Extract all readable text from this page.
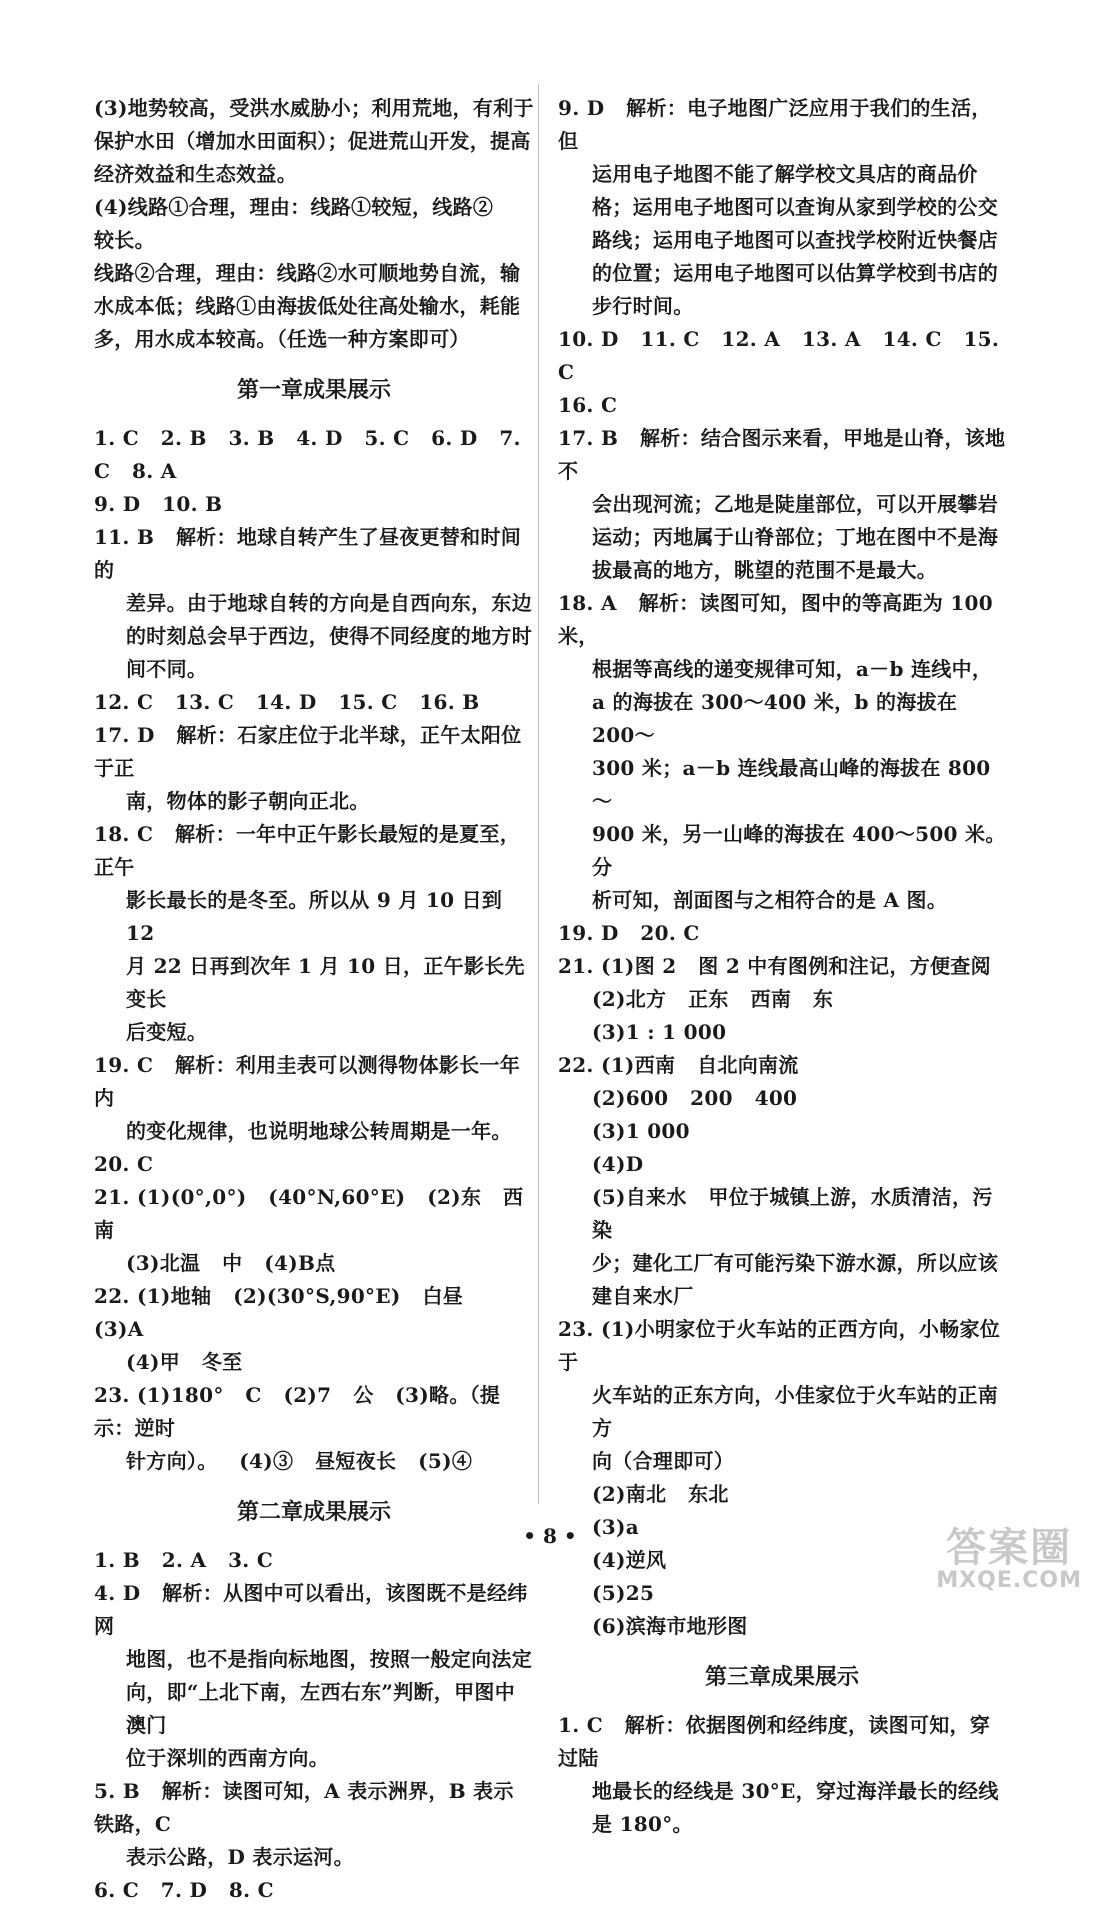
(3)地势较高，受洪水威胁小；利用荒地，有利于

保护水田（增加水田面积）；促进荒山开发，提高

经济效益和生态效益。

(4)线路①合理，理由：线路①较短，线路②

较长。

线路②合理，理由：线路②水可顺地势自流，输

水成本低；线路①由海拔低处往高处输水，耗能

多，用水成本较高。（任选一种方案即可）

第一章成果展示

1. C   2. B   3. B   4. D   5. C   6. D   7. C   8. A

9. D   10. B

11. B   解析：地球自转产生了昼夜更替和时间的

差异。由于地球自转的方向是自西向东，东边

的时刻总会早于西边，使得不同经度的地方时

间不同。

12. C   13. C   14. D   15. C   16. B

17. D   解析：石家庄位于北半球，正午太阳位于正

南，物体的影子朝向正北。

18. C   解析：一年中正午影长最短的是夏至，正午

影长最长的是冬至。所以从 9 月 10 日到 12

月 22 日再到次年 1 月 10 日，正午影长先变长

后变短。

19. C   解析：利用圭表可以测得物体影长一年内

的变化规律，也说明地球公转周期是一年。

20. C

21. (1)(0°,0°)   (40°N,60°E)   (2)东   西南

(3)北温   中   (4)B点

22. (1)地轴   (2)(30°S,90°E)   白昼   (3)A

(4)甲   冬至

23. (1)180°   C   (2)7   公   (3)略。（提示：逆时

针方向）。   (4)③   昼短夜长   (5)④

第二章成果展示

1. B   2. A   3. C

4. D   解析：从图中可以看出，该图既不是经纬网

地图，也不是指向标地图，按照一般定向法定

向，即“上北下南，左西右东”判断，甲图中澳门

位于深圳的西南方向。

5. B   解析：读图可知，A 表示洲界，B 表示铁路，C

表示公路，D 表示运河。

6. C   7. D   8. C

9. D   解析：电子地图广泛应用于我们的生活，但

运用电子地图不能了解学校文具店的商品价

格；运用电子地图可以查询从家到学校的公交

路线；运用电子地图可以查找学校附近快餐店

的位置；运用电子地图可以估算学校到书店的

步行时间。

10. D   11. C   12. A   13. A   14. C   15. C

16. C

17. B   解析：结合图示来看，甲地是山脊，该地不

会出现河流；乙地是陡崖部位，可以开展攀岩

运动；丙地属于山脊部位；丁地在图中不是海

拔最高的地方，眺望的范围不是最大。

18. A   解析：读图可知，图中的等高距为 100 米，

根据等高线的递变规律可知，a－b 连线中，

a 的海拔在 300～400 米，b 的海拔在 200～

300 米；a－b 连线最高山峰的海拔在 800～

900 米，另一山峰的海拔在 400～500 米。分

析可知，剖面图与之相符合的是 A 图。

19. D   20. C

21. (1)图 2   图 2 中有图例和注记，方便查阅

(2)北方   正东   西南   东

(3)1 : 1 000

22. (1)西南   自北向南流

(2)600   200   400

(3)1 000

(4)D

(5)自来水   甲位于城镇上游，水质清洁，污染

少；建化工厂有可能污染下游水源，所以应该

建自来水厂

23. (1)小明家位于火车站的正西方向，小畅家位于

火车站的正东方向，小佳家位于火车站的正南方

向（合理即可）

(2)南北   东北

(3)a

(4)逆风

(5)25

(6)滨海市地形图

第三章成果展示

1. C   解析：依据图例和经纬度，读图可知，穿过陆

地最长的经线是 30°E，穿过海洋最长的经线

是 180°。

• 8 •	答案圈
MXQE.COM
